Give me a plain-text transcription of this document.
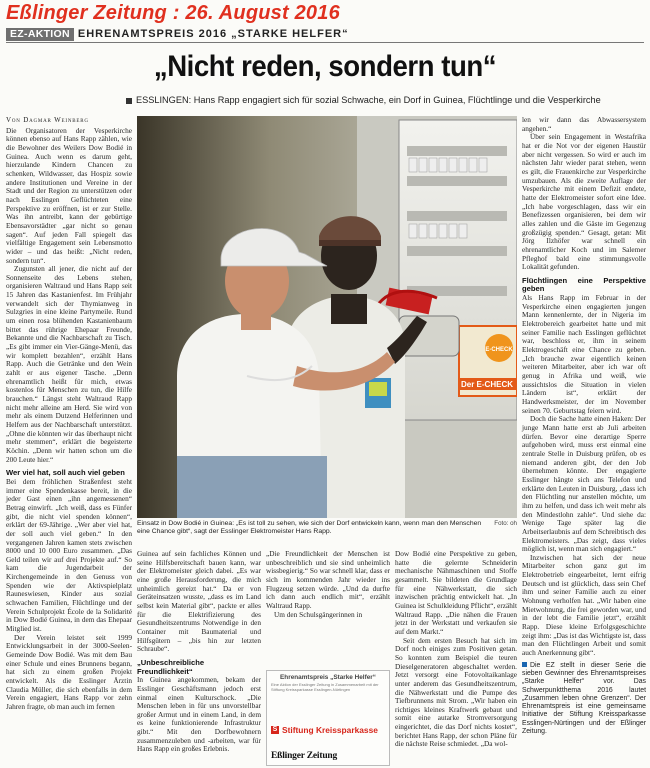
Eßlinger Zeitung : 26. August 2016
EZ-AKTION EHRENAMTSPREIS 2016 „STARKE HELFER“
„Nicht reden, sondern tun“
ESSLINGEN: Hans Rapp engagiert sich für sozial Schwache, ein Dorf in Guinea, Flüchtlinge und die Vesperkirche
Von Dagmar Weinberg

Die Organisatoren der Vesperkirche können ebenso auf Hans Rapp zählen, wie die Bewohner des Weilers Dow Bodié in Guinea. Auch wenn es darum geht, hierzulande Kindern Chancen zu schenken, Wildwasser, das Hospiz sowie andere Institutionen und Vereine in der Stadt und der Region zu unterstützen oder nach Esslingen Geflüchteten eine Perspektive zu eröffnen, ist er zur Stelle. Was ihn antreibt, kann der gebürtige Ebensavorstädter „gar nicht so genau sagen“. Auf jeden Fall spiegelt das vielfältige Engagement sein Lebensmotto wider – und das heißt: „Nicht reden, sondern tun“.

Zugunsten all jener, die nicht auf der Sonnenseite des Lebens stehen, organisieren Waltraud und Hans Rapp seit 15 Jahren das Kastanienfest. Im Frühjahr verwandelt sich der Thymianweg in Sulzgries in eine kleine Partymeile. Rund um einen rosa blühenden Kastanienbaum bittet das rührige Ehepaar Freunde, Bekannte und die Nachbarschaft zu Tisch. „Es gibt immer ein Vier-Gänge-Menü, das wir komplett bezahlen“, erzählt Hans Rapp. Auch die Getränke und den Wein zahlt er aus eigener Tasche. „Denn ehrenamtlich heißt für mich, etwas kostenlos für Menschen zu tun, die Hilfe brauchen.“ Längst steht Waltraud Rapp nicht mehr alleine am Herd. Sie wird von mehr als einem Dutzend Helferinnen und Helfern aus der Nachbarschaft unterstützt. „Ohne die könnten wir das überhaupt nicht mehr stemmen“, erklärt die begeisterte Köchin. „Denn wir hatten schon um die 200 Leute hier.“

Wer viel hat, soll auch viel geben

Bei dem fröhlichen Straßenfest steht immer eine Spendenkasse bereit, in die jeder Gast einen „ihn angemessenen“ Betrag einwirft. „Ich weiß, dass es Fünfer gibt, die nicht viel spenden können“, erklärt der 69-Jährige. „Wer aber viel hat, der soll auch viel geben.“ In den vergangenen Jahren kamen stets zwischen 8000 und 10 000 Euro zusammen. „Das Geld teilen wir auf drei Projekte auf.“ So kam die Jugendarbeit der Kirchengemeinde in den Genuss von Spenden wie der Aktivspielplatz Rauneswiesen, Kinder aus sozial schwachen Familien, Flüchtlinge und der Verein Schulprojekt École de la Solidarité in Dow Bodié Guinea, in dem das Ehepaar Mitglied ist.

Der Verein leistet seit 1999 Entwicklungsarbeit in der 3000-Seelen-Gemeinde Dow Bodié. Was mit dem Bau einer Schule und eines Brunnens begann, hat sich zu einem großen Projekt entwickelt. Als die Esslinger Ärztin Claudia Müller, die sich ebenfalls in dem Verein engagiert, Hans Rapp vor zehn Jahren fragte, ob man auch im fernen

E-CHECK
Der E-CHECK
Foto: oh
Einsatz in Dow Bodié in Guinea: „Es ist toll zu sehen, wie sich der Dorf entwickeln kann, wenn man den Menschen eine Chance gibt“, sagt der Esslinger Elektromeister Hans Rapp.

Guinea auf sein fachliches Können und seine Hilfsbereitschaft bauen kann, war der Elektromeister gleich dabei. „Es war eine große Herausforderung, die mich unheimlich gereizt hat.“ Da er von Geräteinsatzen wusste, „dass es im Land selbst kein Material gibt“, packte er alles für die Elektrifizierung des Gesundheitszentrums Notwendige in den Container mit Baumaterial und Hilfsgütern – „bis hin zur letzten Schraube“.

„Unbeschreibliche Freundlichkeit“

In Guinea angekommen, bekam der Esslinger Geschäftsmann jedoch erst einmal einen Kulturschock. „Die Menschen leben in für uns unvorstellbar großer Armut und in einem Land, in dem es keine funktionierende Infrastruktur gibt.“ Mit den Dorfbewohnern zusammenzuleben und -arbeiten, war für Hans Rapp ein großes Erlebnis.

„Die Freundlichkeit der Menschen ist unbeschreiblich und sie sind unheimlich wissbegierig.“ So war schnell klar, dass er sich im kommenden Jahr wieder ins Flugzeug setzen würde. „Und da durfte ich dann auch endlich mit“, erzählt Waltraud Rapp.

Um den Schulsgängerinnen in

Ehrenamtspreis „Starke Helfer“
Eine Aktion der Esslinger Zeitung in Zusammenarbeit mit der Stiftung Kreissparkasse Esslingen-Nürtingen
S Stiftung Kreissparkasse
Eßlinger Zeitung

Dow Bodié eine Perspektive zu geben, hatte die gelernte Schneiderin mechanische Nähmaschinen und Stoffe gesammelt. Sie bildeten die Grundlage für eine Nähwerkstatt, die sich inzwischen prächtig entwickelt hat. „In Guinea ist Schulkleidung Pflicht“, erzählt Waltraud Rapp. „Die nähen die Frauen jetzt in der Werkstatt und verkaufen sie auf dem Markt.“

Seit dem ersten Besuch hat sich im Dorf noch einiges zum Positiven getan. So konnten zum Beispiel die teuren Dieselgeneratoren abgeschaltet werden. Jetzt versorgt eine Fotovoltaikanlage unter anderem das Gesundheitszentrum, die Nähwerkstatt und die Pumpe des Tiefbrunnens mit Strom. „Wir haben ein richtiges kleines Kraftwerk gebaut und somit eine autarke Stromversorgung eingerichtet, die das Dorf nichts kostet“, berichtet Hans Rapp, der schon Pläne für die nächste Reise schmiedet. „Da wol-

len wir dann das Abwassersystem angehen.“

Über sein Engagement in Westafrika hat er die Not vor der eigenen Haustür aber nicht vergessen. So wird er auch im nächsten Jahr wieder parat stehen, wenn es gilt, die Frauenkirche zur Vesperkirche umzubauen. Als die zweite Auflage der Vesperkirche mit einem Defizit endete, hatte der Elektromeister sofort eine Idee. „Ich habe vorgeschlagen, dass wir ein Benefizessen organisieren, bei dem wir alles zahlen und die Gäste im Gegenzug großzügig spenden.“ Gesagt, getan: Mit Jörg Ilzhöfer war schnell ein ehrenamtlicher Koch und im Salemer Pfleghof bald eine stimmungsvolle Lokalität gefunden.

Flüchtlingen eine Perspektive geben

Als Hans Rapp im Februar in der Vesperkirche einen engagierten jungen Mann kennenlernte, der in Nigeria im Elektrobereich gearbeitet hatte und mit seiner Familie nach Esslingen geflüchtet war, beschloss er, ihm in seinem Elektrogeschäft eine Chance zu geben. „Ich brauche zwar eigentlich keinen weiteren Mitarbeiter, aber ich war oft genug in Afrika und weiß, wie aussichtslos die Situation in vielen Ländern ist“, erklärt der Handwerksmeister, der im November seinen 70. Geburtstag feiern wird.

Doch die Sache hatte einen Haken: Der junge Mann hatte erst ab Juli arbeiten dürfen. Bevor eine derartige Sperre aufgehoben wird, muss erst einmal eine zentrale Stelle in Duisburg prüfen, ob es niemand anderen gibt, der den Job übernehmen könnte. Der engagierte Esslinger hängte sich ans Telefon und erklärte den Leuten in Duisburg, „dass ich den Flüchtling nur anstellen möchte, um ihm zu helfen, und dass ich weit mehr als den Mindestlohn zahle“. Und siehe da: Wenige Tage später lag die Arbeitserlaubnis auf dem Schreibtisch des Elektromeisters. „Das zeigt, dass vieles möglich ist, wenn man sich engagiert.“

Inzwischen hat sich der neue Mitarbeiter schon ganz gut im Elektrobetrieb eingearbeitet, lernt eifrig Deutsch und ist glücklich, dass sein Chef ihm und seiner Familie auch zu einer Wohnung verholfen hat. „Wir haben eine Mietwohnung, die frei geworden war, und in der lebt die Familie jetzt“, erzählt Rapp. Diese kleine Erfolgsgeschichte zeigt ihm: „Das ist das Wichtigste ist, dass man den Flüchtlingen Arbeit und somit auch Anerkennung gibt“.

Die EZ stellt in dieser Serie die sieben Gewinner des Ehrenamtspreises „Starke Helfer“ vor. Das Schwerpunktthema 2016 lautet „Zusammen leben ohne Grenzen“. Der Ehrenamtspreis ist eine gemeinsame Initiative der Stiftung Kreissparkasse Esslingen-Nürtingen und der Eßlinger Zeitung.
